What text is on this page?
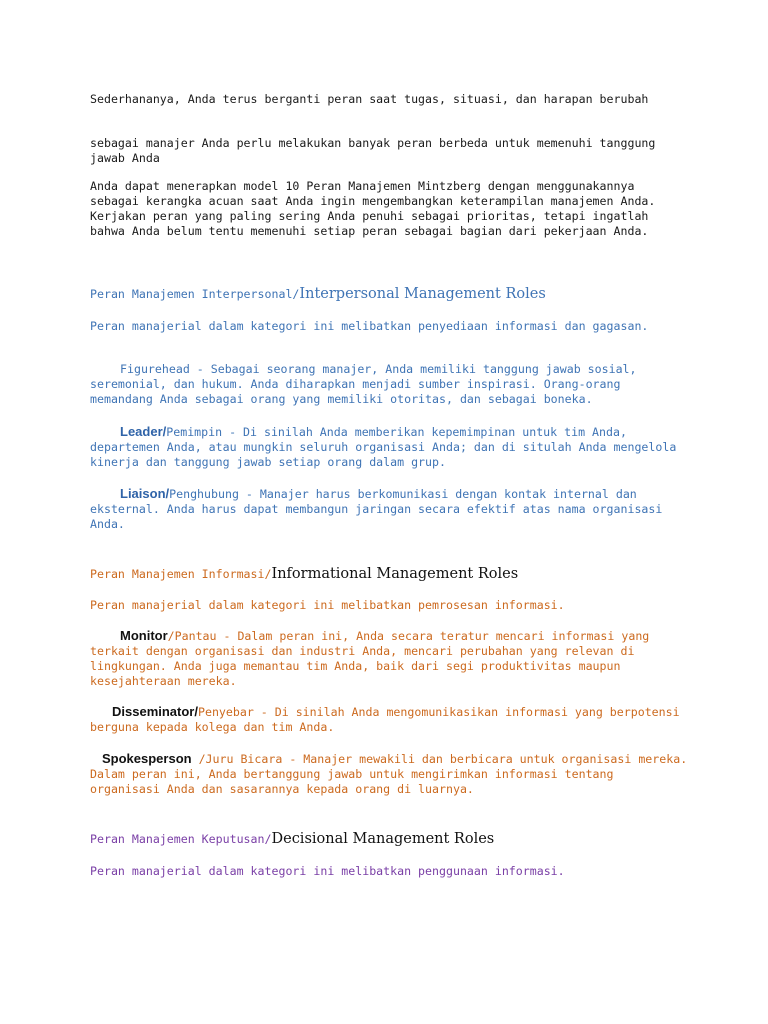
Sederhananya, Anda terus berganti peran saat tugas, situasi, dan harapan berubah

sebagai manajer Anda perlu melakukan banyak peran berbeda untuk memenuhi tanggung jawab Anda

Anda dapat menerapkan model 10 Peran Manajemen Mintzberg dengan menggunakannya sebagai kerangka acuan saat Anda ingin mengembangkan keterampilan manajemen Anda. Kerjakan peran yang paling sering Anda penuhi sebagai prioritas, tetapi ingatlah bahwa Anda belum tentu memenuhi setiap peran sebagai bagian dari pekerjaan Anda.

Peran Manajemen Interpersonal/Interpersonal Management Roles

Peran manajerial dalam kategori ini melibatkan penyediaan informasi dan gagasan.

Figurehead - Sebagai seorang manajer, Anda memiliki tanggung jawab sosial, seremonial, dan hukum. Anda diharapkan menjadi sumber inspirasi. Orang-orang memandang Anda sebagai orang yang memiliki otoritas, dan sebagai boneka.

Leader/Pemimpin - Di sinilah Anda memberikan kepemimpinan untuk tim Anda, departemen Anda, atau mungkin seluruh organisasi Anda; dan di situlah Anda mengelola kinerja dan tanggung jawab setiap orang dalam grup.

Liaison/Penghubung - Manajer harus berkomunikasi dengan kontak internal dan eksternal. Anda harus dapat membangun jaringan secara efektif atas nama organisasi Anda.

Peran Manajemen Informasi/Informational Management Roles

Peran manajerial dalam kategori ini melibatkan pemrosesan informasi.

Monitor/Pantau - Dalam peran ini, Anda secara teratur mencari informasi yang terkait dengan organisasi dan industri Anda, mencari perubahan yang relevan di lingkungan. Anda juga memantau tim Anda, baik dari segi produktivitas maupun kesejahteraan mereka.

Disseminator/Penyebar - Di sinilah Anda mengomunikasikan informasi yang berpotensi berguna kepada kolega dan tim Anda.

Spokesperson /Juru Bicara - Manajer mewakili dan berbicara untuk organisasi mereka. Dalam peran ini, Anda bertanggung jawab untuk mengirimkan informasi tentang organisasi Anda dan sasarannya kepada orang di luarnya.

Peran Manajemen Keputusan/Decisional Management Roles

Peran manajerial dalam kategori ini melibatkan penggunaan informasi.
